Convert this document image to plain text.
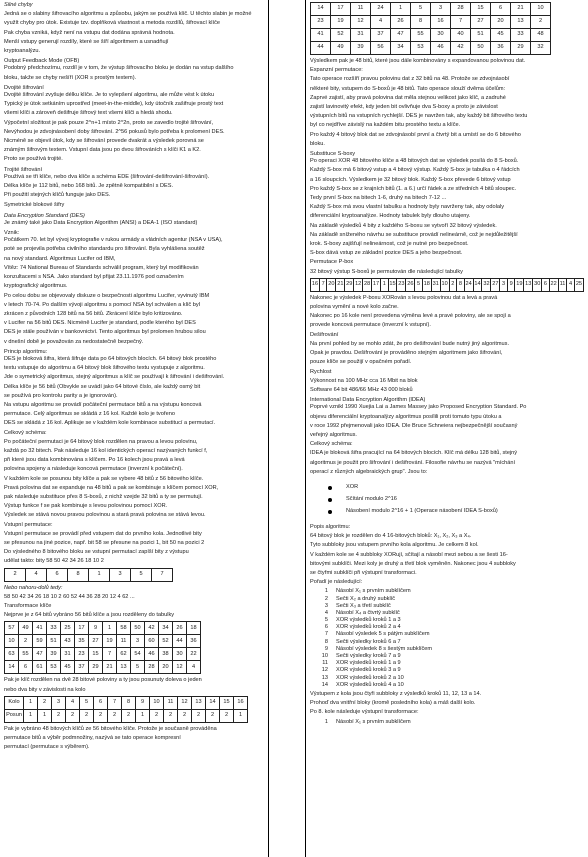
Silné chyby

Jedná se o slabiny šifrovacího algoritmu a způsobu, jakým se používá klíč. U těchto slabin je možné

využít chyby pro útok. Existuje tzv. doplňková vlastnost a metoda rozdílů, šifrovací klíče

Pak chyba vzniká, když není na vstupu dat dodána správná hodnota.

Menší vstupy generují rozdíly, které se šíří algoritmem a usnadňují

kryptoanalýzu.

Output Feedback Mode (OFB)

Podobný předchozímu, rozdíl je v tom, že výstup šifrovacího bloku je dodán na vstup dalšího

bloku, takže se chyby nešíří (XOR s prostým textem).

Dvojité šifrování

Dvojité šifrování zvyšuje délku klíče. Je to vylepšení algoritmu, ale může vést k útoku

Typický je útok setkáním uprostřed (meet-in-the-middle), kdy útočník zašifruje prostý text

všemi klíči a zároveň dešifruje šifrový text všemi klíči a hledá shodu.

Výpočetní složitost je pak pouze 2^n+1 místo 2^2n, proto se zavedlo trojité šifrování,

Nevýhodou je zdvojnásobení doby šifrování. 2^56 pokusů bylo potřeba k prolomení DES.

Nicméně se objevil útok, kdy se šifrování provede dvakrát a výsledek porovná se

známým šifrovým textem. Vstupní data jsou po dvou šifrováních s klíči K1 a K2.

Proto se používá trojité.

Trojité šifrování

Používá se tři klíče, nebo dva klíče a schéma EDE (šifrování-dešifrování-šifrování).

Délka klíče je 112 bitů, nebo 168 bitů. Je zpětně kompatibilní s DES.

Při použití stejných klíčů funguje jako DES.

Symetrické blokové šifry

Data Encryption Standard (DES)

Je známý také jako Data Encryption Algorithm (ANSI) a DEA-1 (ISO standard)

Vznik:

Počátkem 70. let byl vývoj kryptografie v rukou armády a vládních agentur (NSA v USA),

poté se projevila potřeba civilního standardu pro šifrování. Byla vyhlášena soutěž

na nový standard. Algoritmus Lucifer od IBM,

Vítěz: 74 National Bureau of Standards schválil program, který byl modifikován

konzultacemi s NSA. Jako standard byl přijat 23.11.1976 pod označením

kryptografický algoritmus.

Po celou dobu se objevovaly diskuze o bezpečnosti algoritmu Lucifer, vyvinutý IBM

v letech 70-74. Po dalším vývoji algoritmu s pomocí NSA byl schválen a klíč byl

zkrácen z původních 128 bitů na 56 bitů. Zkrácení klíče bylo kritizováno.

v Lucifer na 56 bitů DES. Nicméně Lucifer je standard, podle kterého byl DES

DES je stále používán v bankovnictví. Tento algoritmus byl prolomen hrubou silou

v dnešní době je považován za nedostatečně bezpečný.

Princip algoritmu:

DES je bloková šifra, která šifruje data po 64 bitových blocích. 64 bitový blok prostého

textu vstupuje do algoritmu a 64 bitový blok šifrového textu vystupuje z algoritmu.

Jde o symetrický algoritmus, stejný algoritmus a klíč se používají k šifrování i dešifrování.

Délka klíče je 56 bitů (Obvykle se uvádí jako 64 bitové číslo, ale každý osmý bit

se používá pro kontrolu parity a je ignorován).

Na vstupu algoritmu se provádí počáteční permutace bitů a na výstupu koncová

permutace. Celý algoritmus se skládá z 16 kol. Každé kolo je tvořeno

DES se skládá z 16 kol. Aplikuje se v každém kole kombinace substitucí a permutací.

Celkový schéma:

Po počáteční permutaci je 64 bitový blok rozdělen na pravou a levou polovinu,

každá po 32 bitech. Pak následuje 16 kol identických operací nazývaných funkcí f,

při které jsou data kombinována s klíčem. Po 16 kolech jsou pravá a levá

polovina spojeny a následuje koncová permutace (inverzní k počáteční).

V každém kole se posunou bity klíče a pak se vybere 48 bitů z 56 bitového klíče.

Pravá polovina dat se expanduje na 48 bitů a pak se kombinuje s klíčem pomocí XOR,

pak následuje substituce přes 8 S-boxů, z nichž vzejde 32 bitů a ty se permutují.

Výstup funkce f se pak kombinuje s levou polovinou pomocí XOR.

Výsledek se stává novou pravou polovinou a stará pravá polovina se stává levou.

Vstupní permutace:

Vstupní permutace se provádí před vstupem dat do prvního kola. Jednotlivé bity

se přesunou na jiné pozice, např. bit 58 se přesune na pozici 1, bit 50 na pozici 2

Do výsledného 8 bitového bloku se vstupní permutací zapíší bity z výstupu

udělat takto: bity 58 50 42 34 26 18 10 2

2	4	6	8	1	3	5	7

Nebo nahoru-dolů tedy:

58 50 42 34 26 18 10 2 60 52 44 36 28 20 12 4 62 ...

Transformace klíče

Nejprve je z 64 bitů vybráno 56 bitů klíče a jsou rozděleny do tabulky

57	49	41	33	25	17	9	1	58	50	42	34	26	18
10	2	59	51	43	35	27	19	11	3	60	52	44	36
63	55	47	39	31	23	15	7	62	54	46	38	30	22
14	6	61	53	45	37	29	21	13	5	28	20	12	4

Pak je klíč rozdělen na dvě 28 bitové poloviny a ty jsou posunuty doleva o jeden

nebo dva bity v závislosti na kolo

Kolo	1	2	3	4	5	6	7	8	9	10	11	12	13	14	15	16
Posun	1	1	2	2	2	2	2	2	1	2	2	2	2	2	2	1

Pak je vybráno 48 bitových klíčů ze 56 bitového klíče. Protože je současně prováděna

permutace bitů a výběr podmnožiny, nazývá se tato operace kompresní

permutací (permutace s výběrem).

14	17	11	24	1	5	3	28	15	6	21	10
23	19	12	4	26	8	16	7	27	20	13	2
41	52	31	37	47	55	30	40	51	45	33	48
44	49	39	56	34	53	46	42	50	36	29	32

Výsledkem pak je 48 bitů, které jsou dále kombinovány s expandovanou polovinou dat.

Expanzní permutace:

Tato operace rozšíří pravou polovinu dat z 32 bitů na 48. Protože se zdvojnásobí

některé bity, vstupem do S-boxů je 48 bitů. Tato operace slouží dvěma účelům:

Zaprvé zajistí, aby pravá polovina dat měla stejnou velikost jako klíč, a zadruhé

zajistí lavinovitý efekt, kdy jeden bit ovlivňuje dva S-boxy a proto je závislost

výstupních bitů na vstupních rychlejší. DES je navržen tak, aby každý bit šifrového textu

byl co nejdříve závislý na každém bitu prostého textu a klíče.

Pro každý 4 bitový blok dat se zdvojnásobí první a čtvrtý bit a umístí se do 6 bitového

bloku.

Substituce S-boxy

Po operaci XOR 48 bitového klíče a 48 bitových dat se výsledek posílá do 8 S-boxů.

Každý S-box má 6 bitový vstup a 4 bitový výstup. Každý S-box je tabulka o 4 řádcích

a 16 sloupcích. Výsledkem je 32 bitový blok. Každý S-box převede 6 bitový vstup

Pro každý S-box se z krajních bitů (1. a 6.) určí řádek a ze středních 4 bitů sloupec.

Tedy první S-box na bitech 1-6, druhý na bitech 7-12 ...

Každý S-box má svou vlastní tabulku a hodnoty byly navrženy tak, aby odolaly

diferenciální kryptoanalýze. Hodnoty tabulek byly dlouho utajeny.

Na základě výsledků 4 bity z každého S-boxu se vytvoří 32 bitový výsledek.

Na základě sníženého návrhu se substituce provádí nelineárně, což je nejdůležitější

krok. S-boxy zajišťují nelineárnost, což je nutné pro bezpečnost.

S-box dává vstup ze základní pozice DES a jeho bezpečnost.

Permutace P-box

32 bitový výstup S-boxů je permutován dle následující tabulky

16	7	20	21	29	12	28	17	1	15	23	26	5	18	31	10	2	8	24	14	32	27	3	9	19	13	30	6	22	11	4	25

Nakonec je výsledek P-boxu XORován s levou polovinou dat a levá a pravá

polovina vymění a nové kolo začne.

Nakonec po 16 kole není provedena výměna levé a pravé poloviny, ale se spojí a

provede koncová permutace (inverzní k vstupní).

Dešifrování

Na první pohled by se mohlo zdát, že pro dešifrování bude nutný jiný algoritmus.

Opak je pravdou. Dešifrování je prováděno stejným algoritmem jako šifrování,

pouze klíče se použijí v opačném pořadí.

Rychlost

Výkonnost na 100 MHz cca 16 Mbit na blok

Software 64 bit 486/66 MHz 43 000 bloků

International Data Encryption Algorithm (IDEA)

Poprvé vznikl 1990 Xuejia Lai a James Massey jako Proposed Encryption Standard. Po

objevu diferenciální kryptoanalýzy algoritmus posílili proti tomuto typu útoku a

v roce 1992 přejmenovali jako IDEA. Dle Bruce Schneiera nejbezpečnější současný

veřejný algoritmus.

Celkový schéma:

IDEA je bloková šifra pracující na 64 bitových blocích. Klíč má délku 128 bitů, stejný

algoritmus je použit pro šifrování i dešifrování. Filosofie návrhu se nazývá "míchání

operací z různých algebraických grup". Jsou to:

XOR
Sčítání modulo 2^16
Násobení modulo 2^16 + 1 (Operace násobení IDEA S-boxů)

Popis algoritmu:

64 bitový blok je rozdělen do 4 16-bitových bloků: X₁, X₂, X₃ a X₄.

Tyto subbloky jsou vstupem prvního kola algoritmu. Je celkem 8 kol.

V každém kole se 4 subbloky XORují, sčítají a násobí mezi sebou a se šesti 16-

bitovými subklíči. Mezi koly je druhý a třetí blok vyměněn. Nakonec jsou 4 subbloky

se čtyřmi subklíči při výstupní transformaci.

Pořadí je následující:

1	Násobí X₁ s prvním subklíčem
2	Sečti X₂ a druhý subklíč
3	Sečti X₃ a třetí subklíč
4	Násobí X₄ a čtvrtý subklíč
5	XOR výsledků kroků 1 a 3
6	XOR výsledků kroků 2 a 4
7	Násobí výsledek 5 s pátým subklíčem
8	Sečti výsledky kroků 6 a 7
9	Násobí výsledek 8 s šestým subklíčem
10	Sečti výsledky kroků 7 a 9
11	XOR výsledků kroků 1 a 9
12	XOR výsledků kroků 3 a 9
13	XOR výsledků kroků 2 a 10
14	XOR výsledků kroků 4 a 10

Výstupem z kola jsou čtyři subbloky z výsledků kroků 11, 12, 13 a 14.

Prohoď dva vnitřní bloky (kromě posledního kola) a máš další kolo.

Po 8. kole následuje výstupní transformace:

1	Násobí X₁ s prvním subklíčem
